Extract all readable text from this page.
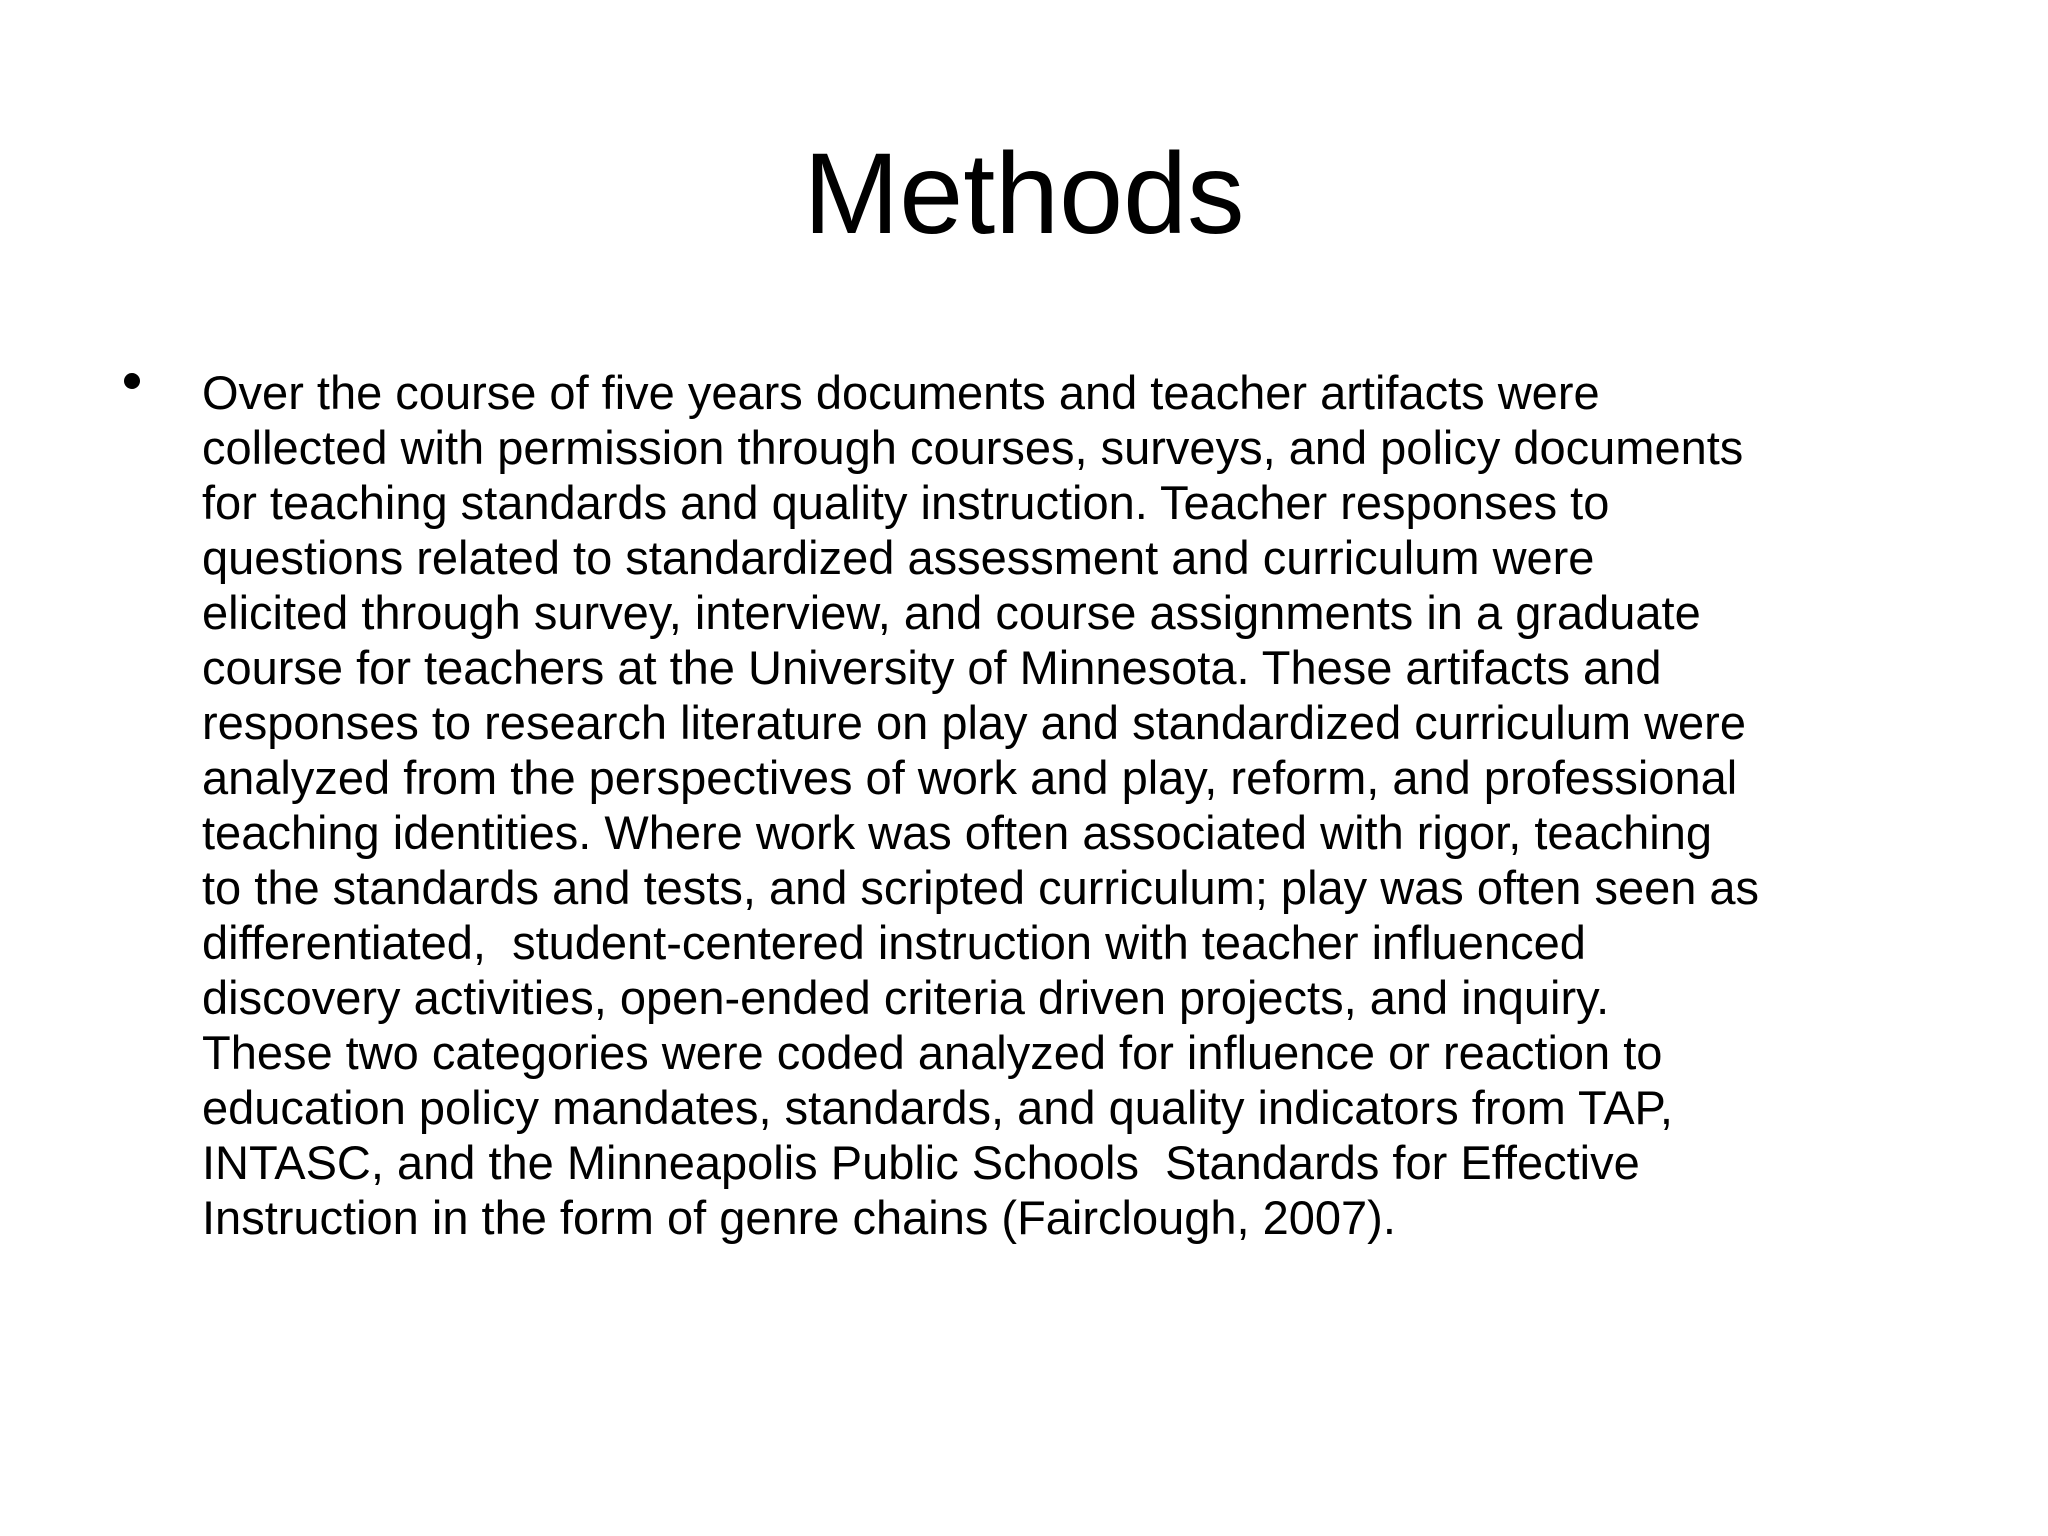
Methods
Over the course of five years documents and teacher artifacts were
collected with permission through courses, surveys, and policy documents
for teaching standards and quality instruction. Teacher responses to
questions related to standardized assessment and curriculum were
elicited through survey, interview, and course assignments in a graduate
course for teachers at the University of Minnesota. These artifacts and
responses to research literature on play and standardized curriculum were
analyzed from the perspectives of work and play, reform, and professional
teaching identities. Where work was often associated with rigor, teaching
to the standards and tests, and scripted curriculum; play was often seen as
differentiated,  student-centered instruction with teacher influenced
discovery activities, open-ended criteria driven projects, and inquiry.
These two categories were coded analyzed for influence or reaction to
education policy mandates, standards, and quality indicators from TAP,
INTASC, and the Minneapolis Public Schools  Standards for Effective
Instruction in the form of genre chains (Fairclough, 2007).
